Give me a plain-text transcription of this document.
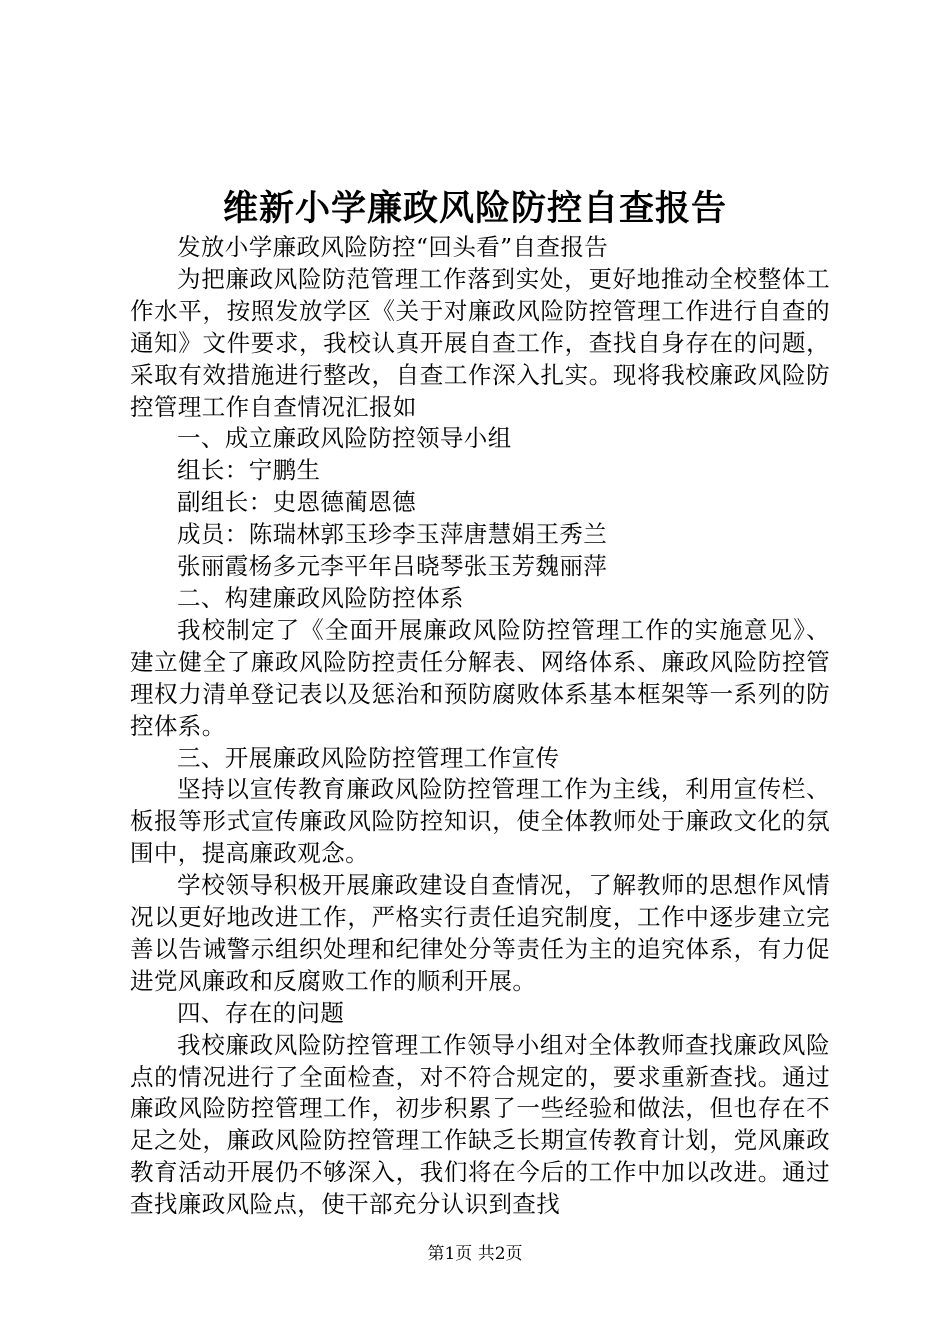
维新小学廉政风险防控自查报告

发放小学廉政风险防控“回头看”自查报告

为把廉政风险防范管理工作落到实处，更好地推动全校整体工作水平，按照发放学区《关于对廉政风险防控管理工作进行自查的通知》文件要求，我校认真开展自查工作，查找自身存在的问题，采取有效措施进行整改，自查工作深入扎实。现将我校廉政风险防控管理工作自查情况汇报如

一、成立廉政风险防控领导小组

组长：宁鹏生

副组长：史恩德蔺恩德

成员：陈瑞林郭玉珍李玉萍唐慧娟王秀兰

张丽霞杨多元李平年吕晓琴张玉芳魏丽萍

二、构建廉政风险防控体系

我校制定了《全面开展廉政风险防控管理工作的实施意见》、建立健全了廉政风险防控责任分解表、网络体系、廉政风险防控管理权力清单登记表以及惩治和预防腐败体系基本框架等一系列的防控体系。

三、开展廉政风险防控管理工作宣传

坚持以宣传教育廉政风险防控管理工作为主线，利用宣传栏、板报等形式宣传廉政风险防控知识，使全体教师处于廉政文化的氛围中，提高廉政观念。

学校领导积极开展廉政建设自查情况，了解教师的思想作风情况以更好地改进工作，严格实行责任追究制度，工作中逐步建立完善以告诫警示组织处理和纪律处分等责任为主的追究体系，有力促进党风廉政和反腐败工作的顺利开展。

四、存在的问题

我校廉政风险防控管理工作领导小组对全体教师查找廉政风险点的情况进行了全面检查，对不符合规定的，要求重新查找。通过廉政风险防控管理工作，初步积累了一些经验和做法，但也存在不足之处，廉政风险防控管理工作缺乏长期宣传教育计划，党风廉政教育活动开展仍不够深入，我们将在今后的工作中加以改进。通过查找廉政风险点，使干部充分认识到查找

第1页 共2页
